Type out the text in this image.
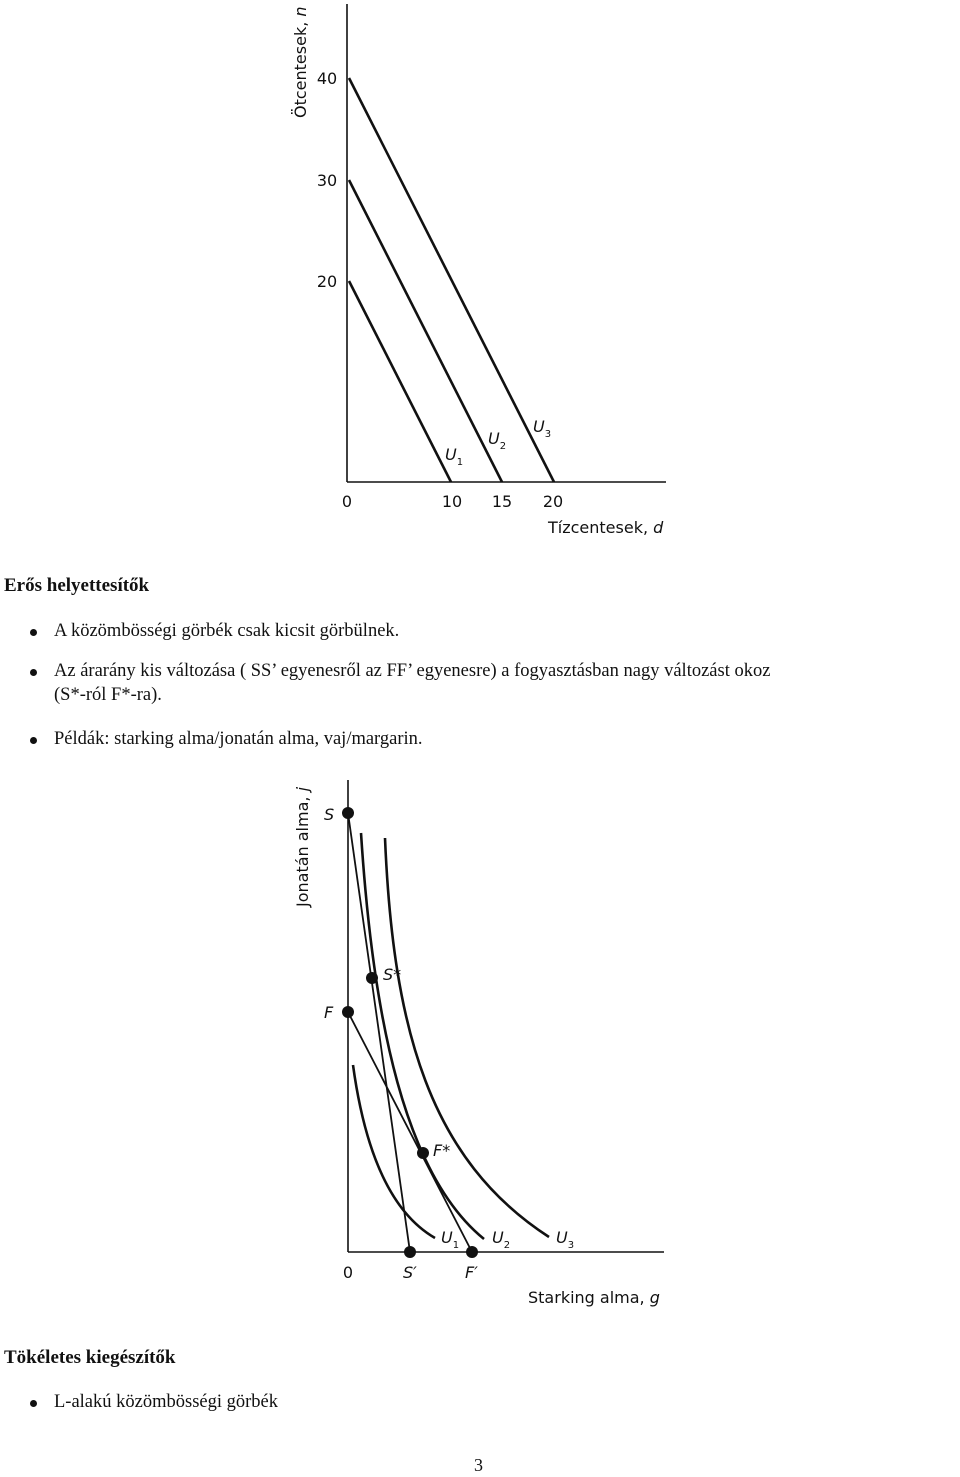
40
30
20
0	10 15 20
Tízcentesek, d
Ötcentesek, n
$U_1$
$U_2$
$U_3$
Erős helyettesítők
A közömbösségi görbék csak kicsit görbülnek.
Az árarány kis változása ( SS’ egyenesről az FF’ egyenesre) a fogyasztásban nagy változást okoz
(S*-ról F*-ra).
Példák: starking alma/jonatán alma, vaj/margarin.
S
S*
F
F*
S′	F′
0
$U_1$ $U_2$	$U_3$
Starking alma, g
Jonatán alma, j
Tökéletes kiegészítők
L-alakú közömbösségi görbék
3
